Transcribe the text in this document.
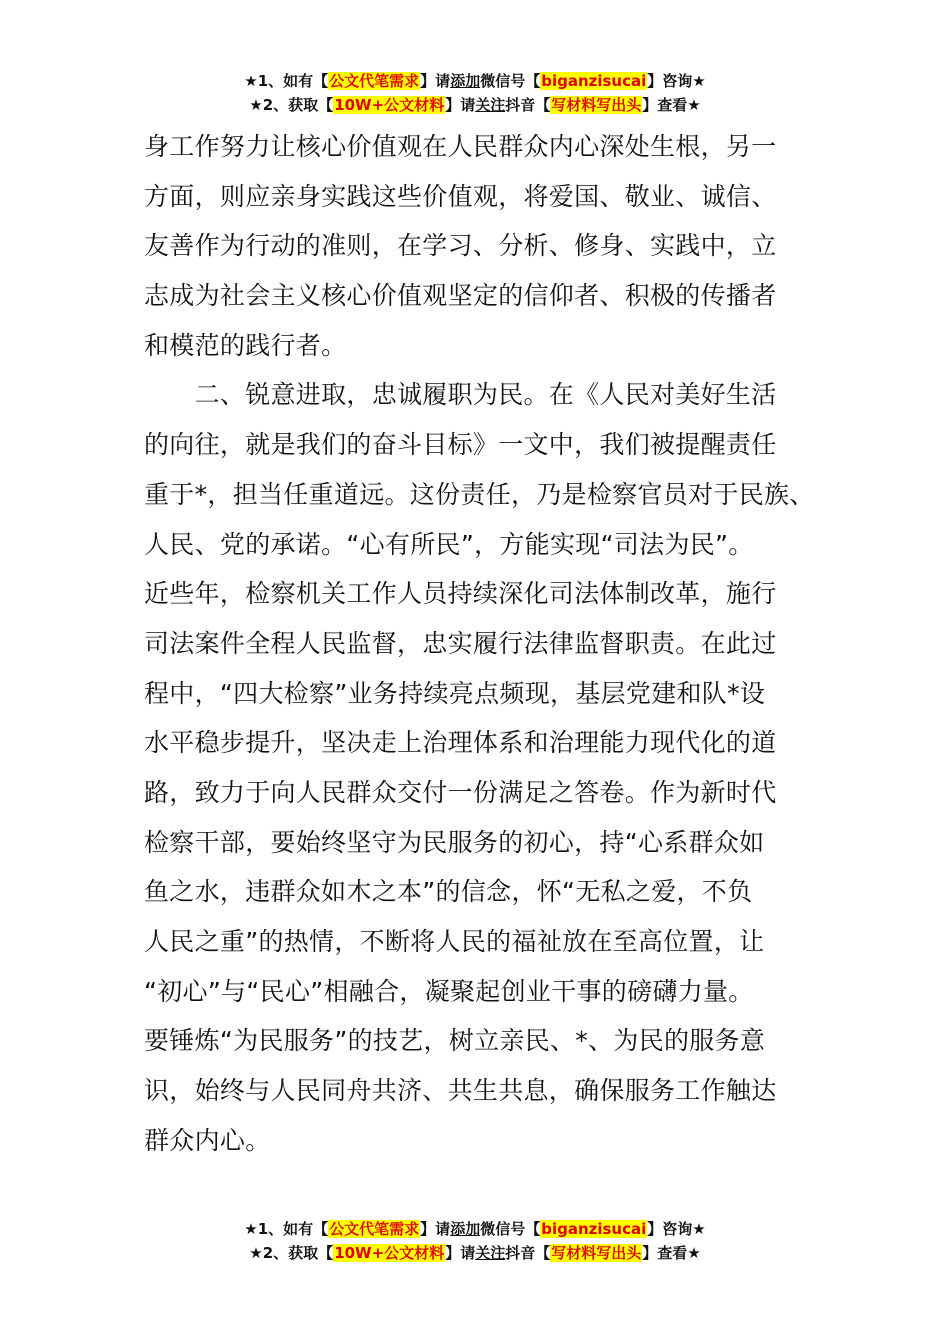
★1、如有【公文代笔需求】请添加微信号【biganzisucai】咨询★
★2、获取【10W+公文材料】请关注抖音【写材料写出头】查看★
身工作努力让核心价值观在人民群众内心深处生根，另一
方面，则应亲身实践这些价值观，将爱国、敬业、诚信、
友善作为行动的准则，在学习、分析、修身、实践中，立
志成为社会主义核心价值观坚定的信仰者、积极的传播者
和模范的践行者。
　　二、锐意进取，忠诚履职为民。在《人民对美好生活
的向往，就是我们的奋斗目标》一文中，我们被提醒责任
重于*，担当任重道远。这份责任，乃是检察官员对于民族、
人民、党的承诺。“心有所民”，方能实现“司法为民”。
近些年，检察机关工作人员持续深化司法体制改革，施行
司法案件全程人民监督，忠实履行法律监督职责。在此过
程中，“四大检察”业务持续亮点频现，基层党建和队*设
水平稳步提升，坚决走上治理体系和治理能力现代化的道
路，致力于向人民群众交付一份满足之答卷。作为新时代
检察干部，要始终坚守为民服务的初心，持“心系群众如
鱼之水，违群众如木之本”的信念，怀“无私之爱，不负
人民之重”的热情，不断将人民的福祉放在至高位置，让
“初心”与“民心”相融合，凝聚起创业干事的磅礴力量。
要锤炼“为民服务”的技艺，树立亲民、*、为民的服务意
识，始终与人民同舟共济、共生共息，确保服务工作触达
群众内心。
★1、如有【公文代笔需求】请添加微信号【biganzisucai】咨询★
★2、获取【10W+公文材料】请关注抖音【写材料写出头】查看★
